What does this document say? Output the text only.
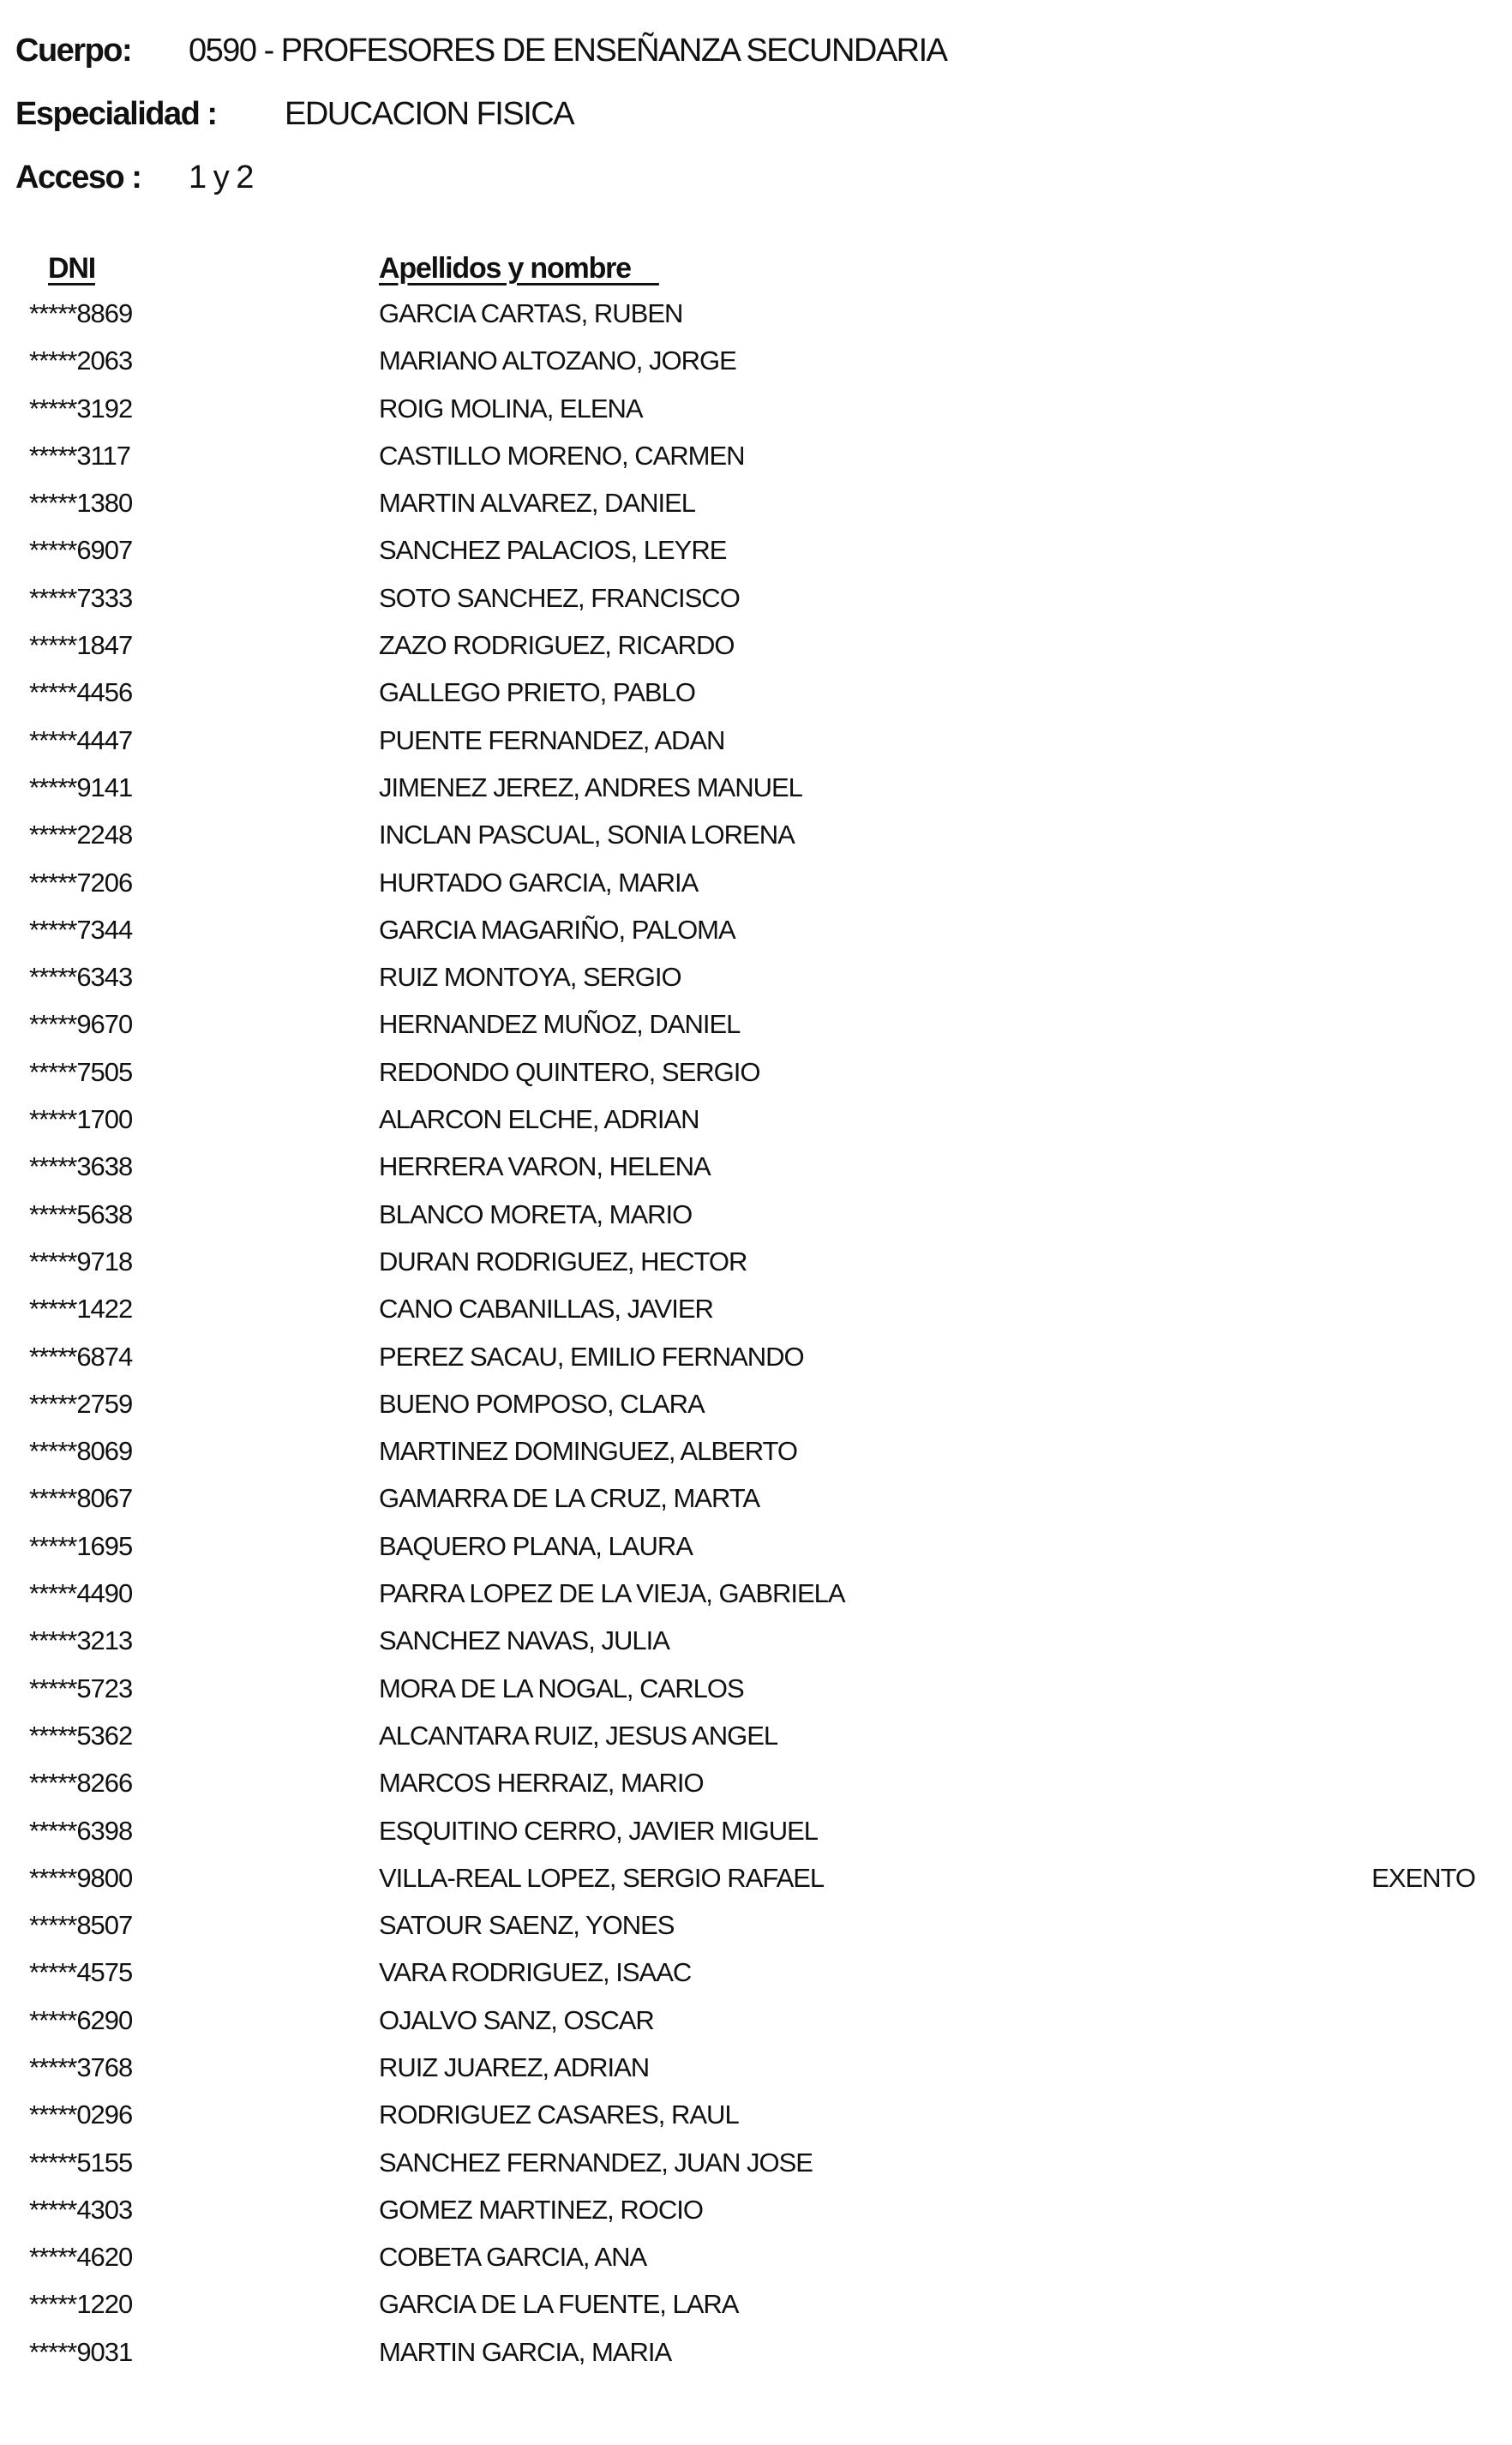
Cuerpo: 0590 - PROFESORES DE ENSEÑANZA SECUNDARIA
Especialidad : EDUCACION FISICA
Acceso : 1 y 2
DNI	Apellidos y nombre
*****8869	GARCIA CARTAS, RUBEN
*****2063	MARIANO ALTOZANO, JORGE
*****3192	ROIG MOLINA, ELENA
*****3117	CASTILLO MORENO, CARMEN
*****1380	MARTIN ALVAREZ, DANIEL
*****6907	SANCHEZ PALACIOS, LEYRE
*****7333	SOTO SANCHEZ, FRANCISCO
*****1847	ZAZO RODRIGUEZ, RICARDO
*****4456	GALLEGO PRIETO, PABLO
*****4447	PUENTE FERNANDEZ, ADAN
*****9141	JIMENEZ JEREZ, ANDRES MANUEL
*****2248	INCLAN PASCUAL, SONIA LORENA
*****7206	HURTADO GARCIA, MARIA
*****7344	GARCIA MAGARIÑO, PALOMA
*****6343	RUIZ MONTOYA, SERGIO
*****9670	HERNANDEZ MUÑOZ, DANIEL
*****7505	REDONDO QUINTERO, SERGIO
*****1700	ALARCON ELCHE, ADRIAN
*****3638	HERRERA VARON, HELENA
*****5638	BLANCO MORETA, MARIO
*****9718	DURAN RODRIGUEZ, HECTOR
*****1422	CANO CABANILLAS, JAVIER
*****6874	PEREZ SACAU, EMILIO FERNANDO
*****2759	BUENO POMPOSO, CLARA
*****8069	MARTINEZ DOMINGUEZ, ALBERTO
*****8067	GAMARRA DE LA CRUZ, MARTA
*****1695	BAQUERO PLANA, LAURA
*****4490	PARRA LOPEZ DE LA VIEJA, GABRIELA
*****3213	SANCHEZ NAVAS, JULIA
*****5723	MORA DE LA NOGAL, CARLOS
*****5362	ALCANTARA RUIZ, JESUS ANGEL
*****8266	MARCOS HERRAIZ, MARIO
*****6398	ESQUITINO CERRO, JAVIER MIGUEL
*****9800	VILLA-REAL LOPEZ, SERGIO RAFAEL	EXENTO
*****8507	SATOUR SAENZ, YONES
*****4575	VARA RODRIGUEZ, ISAAC
*****6290	OJALVO SANZ, OSCAR
*****3768	RUIZ JUAREZ, ADRIAN
*****0296	RODRIGUEZ CASARES, RAUL
*****5155	SANCHEZ FERNANDEZ, JUAN JOSE
*****4303	GOMEZ MARTINEZ, ROCIO
*****4620	COBETA GARCIA, ANA
*****1220	GARCIA DE LA FUENTE, LARA
*****9031	MARTIN GARCIA, MARIA
